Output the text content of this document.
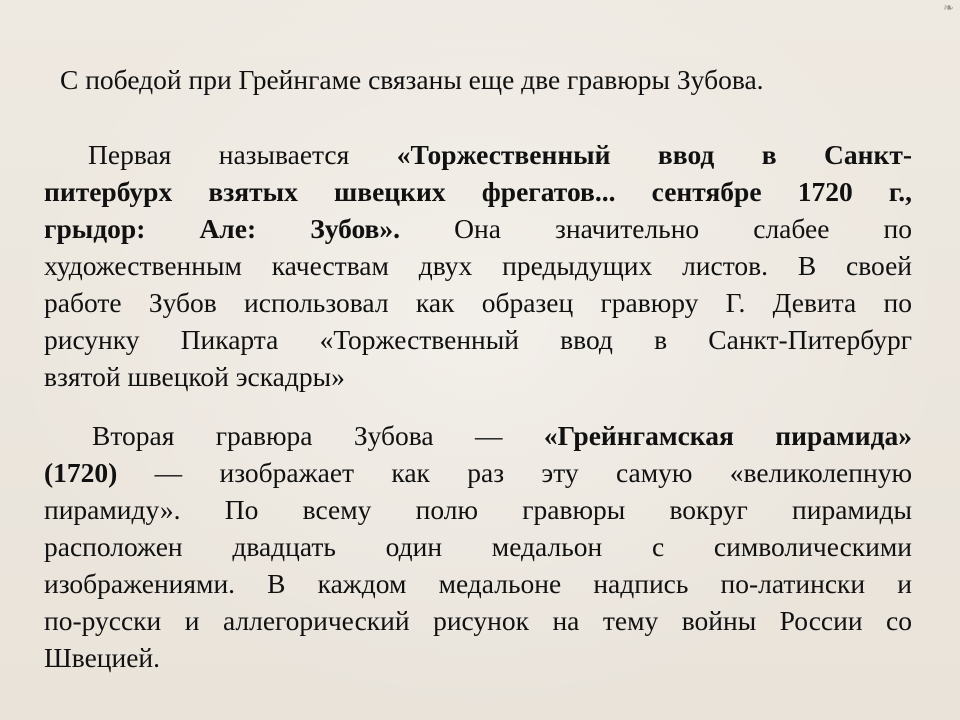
❧
С победой при Грейнгаме связаны еще две гравюры Зубова.
Первая называется «Торжественный ввод в Санкт-
питербурх взятых швецких фрегатов... сентябре 1720 г.,
грыдор: Але: Зубов». Она значительно слабее по
художественным качествам двух предыдущих листов. В своей
работе Зубов использовал как образец гравюру Г. Девита по
рисунку Пикарта «Торжественный ввод в Санкт-Питербург
взятой швецкой эскадры»
Вторая гравюра Зубова — «Грейнгамская пирамида»
(1720) — изображает как раз эту самую «великолепную
пирамиду». По всему полю гравюры вокруг пирамиды
расположен двадцать один медальон с символическими
изображениями. В каждом медальоне надпись по-латински и
по-русски и аллегорический рисунок на тему войны России со
Швецией.
